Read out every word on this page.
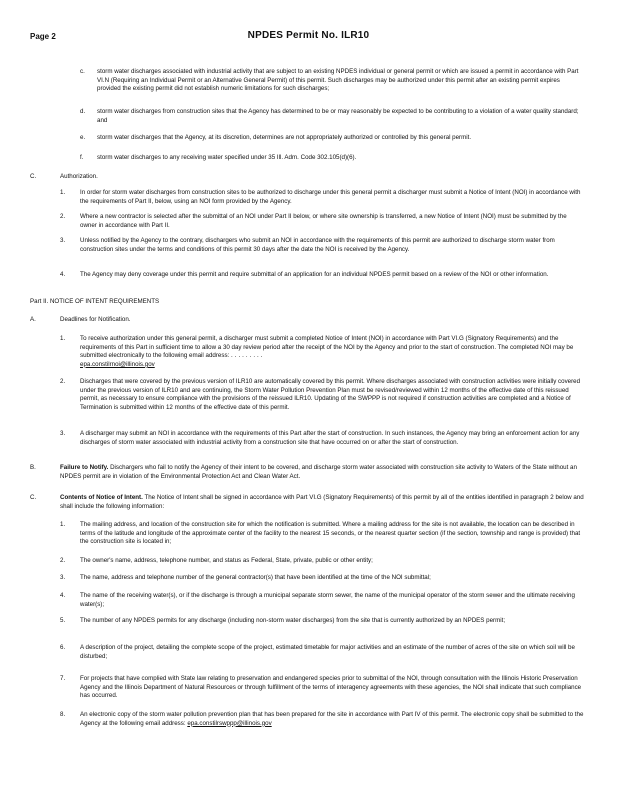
Page 2	NPDES Permit No. ILR10
c. storm water discharges associated with industrial activity that are subject to an existing NPDES individual or general permit or which are issued a permit in accordance with Part VI.N (Requiring an Individual Permit or an Alternative General Permit) of this permit. Such discharges may be authorized under this permit after an existing permit expires provided the existing permit did not establish numeric limitations for such discharges;
d. storm water discharges from construction sites that the Agency has determined to be or may reasonably be expected to be contributing to a violation of a water quality standard; and
e. storm water discharges that the Agency, at its discretion, determines are not appropriately authorized or controlled by this general permit.
f. storm water discharges to any receiving water specified under 35 Ill. Adm. Code 302.105(d)(6).
C.	Authorization.
1. In order for storm water discharges from construction sites to be authorized to discharge under this general permit a discharger must submit a Notice of Intent (NOI) in accordance with the requirements of Part II, below, using an NOI form provided by the Agency.
2. Where a new contractor is selected after the submittal of an NOI under Part II below, or where site ownership is transferred, a new Notice of Intent (NOI) must be submitted by the owner in accordance with Part II.
3. Unless notified by the Agency to the contrary, dischargers who submit an NOI in accordance with the requirements of this permit are authorized to discharge storm water from construction sites under the terms and conditions of this permit 30 days after the date the NOI is received by the Agency.
4. The Agency may deny coverage under this permit and require submittal of an application for an individual NPDES permit based on a review of the NOI or other information.
Part II. NOTICE OF INTENT REQUIREMENTS
A.	Deadlines for Notification.
1. To receive authorization under this general permit, a discharger must submit a completed Notice of Intent (NOI) in accordance with Part VI.G (Signatory Requirements) and the requirements of this Part in sufficient time to allow a 30 day review period after the receipt of the NOI by the Agency and prior to the start of construction. The completed NOI may be submitted electronically to the following email address: .........
epa.constilrnoi@illinois.gov
2. Discharges that were covered by the previous version of ILR10 are automatically covered by this permit. Where discharges associated with construction activities were initially covered under the previous version of ILR10 and are continuing, the Storm Water Pollution Prevention Plan must be revised/reviewed within 12 months of the effective date of this reissued permit, as necessary to ensure compliance with the provisions of the reissued ILR10. Updating of the SWPPP is not required if construction activities are completed and a Notice of Termination is submitted within 12 months of the effective date of this permit.
3. A discharger may submit an NOI in accordance with the requirements of this Part after the start of construction. In such instances, the Agency may bring an enforcement action for any discharges of storm water associated with industrial activity from a construction site that have occurred on or after the start of construction.
B.	Failure to Notify. Dischargers who fail to notify the Agency of their intent to be covered, and discharge storm water associated with construction site activity to Waters of the State without an NPDES permit are in violation of the Environmental Protection Act and Clean Water Act.
C.	Contents of Notice of Intent. The Notice of Intent shall be signed in accordance with Part VI.G (Signatory Requirements) of this permit by all of the entities identified in paragraph 2 below and shall include the following information:
1. The mailing address, and location of the construction site for which the notification is submitted. Where a mailing address for the site is not available, the location can be described in terms of the latitude and longitude of the approximate center of the facility to the nearest 15 seconds, or the nearest quarter section (if the section, township and range is provided) that the construction site is located in;
2. The owner's name, address, telephone number, and status as Federal, State, private, public or other entity;
3. The name, address and telephone number of the general contractor(s) that have been identified at the time of the NOI submittal;
4. The name of the receiving water(s), or if the discharge is through a municipal separate storm sewer, the name of the municipal operator of the storm sewer and the ultimate receiving water(s);
5. The number of any NPDES permits for any discharge (including non-storm water discharges) from the site that is currently authorized by an NPDES permit;
6. A description of the project, detailing the complete scope of the project, estimated timetable for major activities and an estimate of the number of acres of the site on which soil will be disturbed;
7. For projects that have complied with State law relating to preservation and endangered species prior to submittal of the NOI, through consultation with the Illinois Historic Preservation Agency and the Illinois Department of Natural Resources or through fulfillment of the terms of interagency agreements with these agencies, the NOI shall indicate that such compliance has occurred.
8. An electronic copy of the storm water pollution prevention plan that has been prepared for the site in accordance with Part IV of this permit. The electronic copy shall be submitted to the Agency at the following email address: epa.constilrswppp@illinois.gov
